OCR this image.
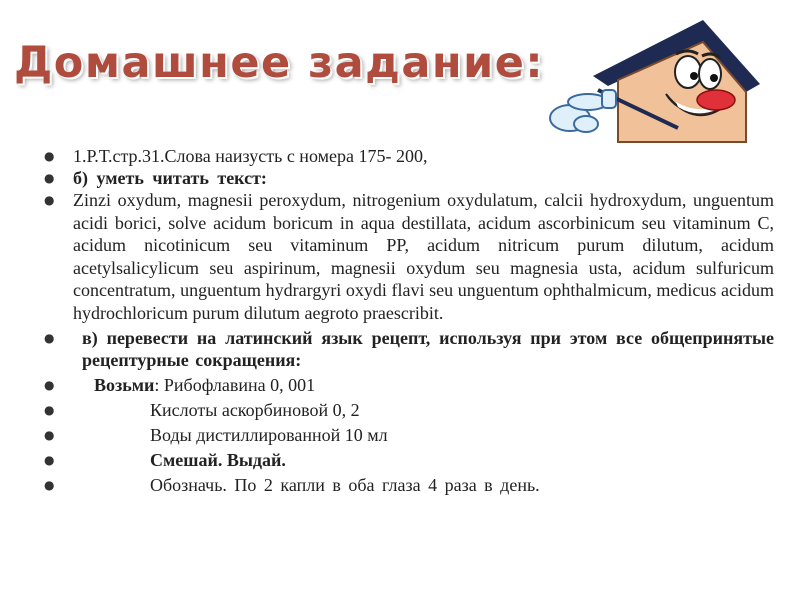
Домашнее задание:
● 1.Р.Т.стр.31.Слова наизусть с номера 175- 200,
● б) уметь читать текст:
● Zinzi oxydum, magnesii peroxydum, nitrogenium oxydulatum, calcii hydroxydum, unguentum acidi borici, solve acidum boricum in aqua destillata, acidum ascorbinicum seu vitaminum C, acidum nicotinicum seu vitaminum PP, acidum nitricum purum dilutum, acidum acetylsalicylicum seu aspirinum, magnesii oxydum seu magnesia usta, acidum sulfuricum concentratum, unguentum hydrargyri oxydi flavi seu unguentum ophthalmicum, medicus acidum hydrochloricum purum dilutum aegroto praescribit.
●	в) перевести на латинский язык рецепт, используя при этом все общепринятые рецептурные сокращения:
●	Возьми: Рибофлавина 0, 001
●	Кислоты аскорбиновой 0, 2
●	Воды дистиллированной 10 мл
●	Смешай. Выдай.
●	Обозначь. По 2 капли в оба глаза 4 раза в день.
